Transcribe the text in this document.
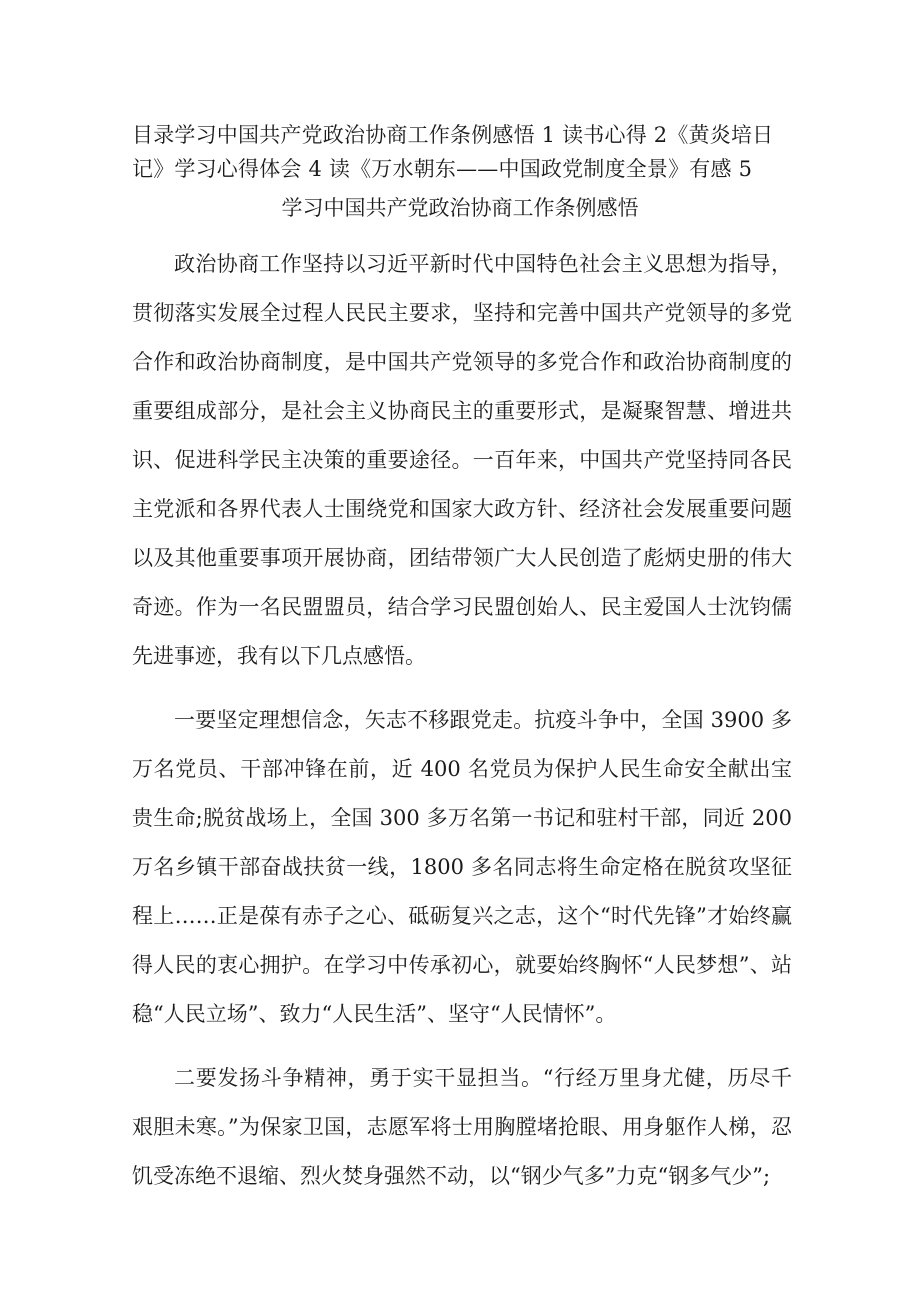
目录学习中国共产党政治协商工作条例感悟 1 读书心得 2《黄炎培日记》学习心得体会 4 读《万水朝东——中国政党制度全景》有感 5

学习中国共产党政治协商工作条例感悟

政治协商工作坚持以习近平新时代中国特色社会主义思想为指导，贯彻落实发展全过程人民民主要求，坚持和完善中国共产党领导的多党合作和政治协商制度，是中国共产党领导的多党合作和政治协商制度的重要组成部分，是社会主义协商民主的重要形式，是凝聚智慧、增进共识、促进科学民主决策的重要途径。一百年来，中国共产党坚持同各民主党派和各界代表人士围绕党和国家大政方针、经济社会发展重要问题以及其他重要事项开展协商，团结带领广大人民创造了彪炳史册的伟大奇迹。作为一名民盟盟员，结合学习民盟创始人、民主爱国人士沈钧儒先进事迹，我有以下几点感悟。

一要坚定理想信念，矢志不移跟党走。抗疫斗争中，全国 3900 多万名党员、干部冲锋在前，近 400 名党员为保护人民生命安全献出宝贵生命;脱贫战场上，全国 300 多万名第一书记和驻村干部，同近 200 万名乡镇干部奋战扶贫一线，1800 多名同志将生命定格在脱贫攻坚征程上……正是葆有赤子之心、砥砺复兴之志，这个“时代先锋”才始终赢得人民的衷心拥护。在学习中传承初心，就要始终胸怀“人民梦想”、站稳“人民立场”、致力“人民生活”、坚守“人民情怀”。

二要发扬斗争精神，勇于实干显担当。“行经万里身尤健，历尽千艰胆未寒。”为保家卫国，志愿军将士用胸膛堵抢眼、用身躯作人梯，忍饥受冻绝不退缩、烈火焚身强然不动，以“钢少气多”力克“钢多气少”;
